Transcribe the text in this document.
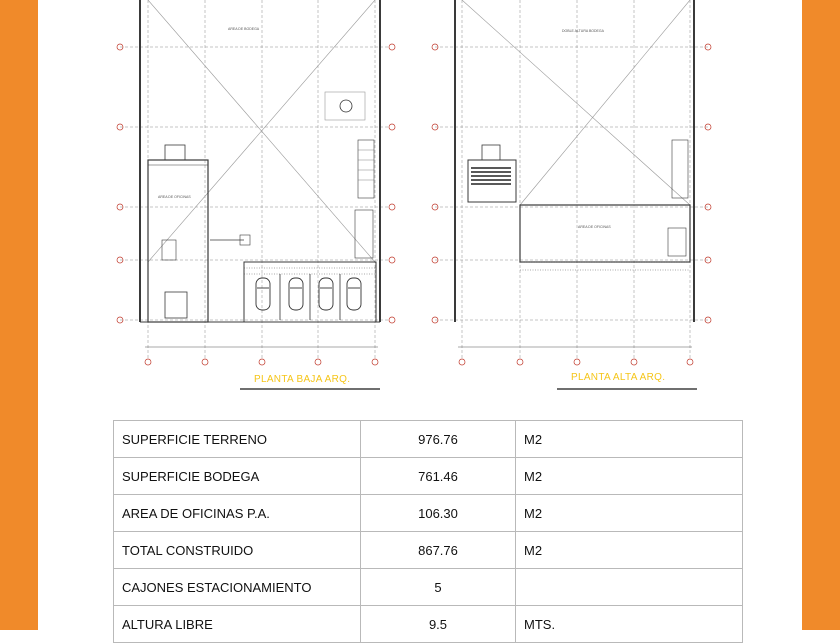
AREA DE BODEGA
AREA DE OFICINAS
DOBLE ALTURA BODEGA
AREA DE OFICINAS
PLANTA BAJA ARQ.	PLANTA ALTA ARQ.
SUPERFICIE TERRENO	976.76	M2
SUPERFICIE BODEGA	761.46	M2
AREA DE OFICINAS P.A.	106.30	M2
TOTAL CONSTRUIDO	867.76	M2
CAJONES ESTACIONAMIENTO	5	
ALTURA LIBRE	9.5	MTS.
